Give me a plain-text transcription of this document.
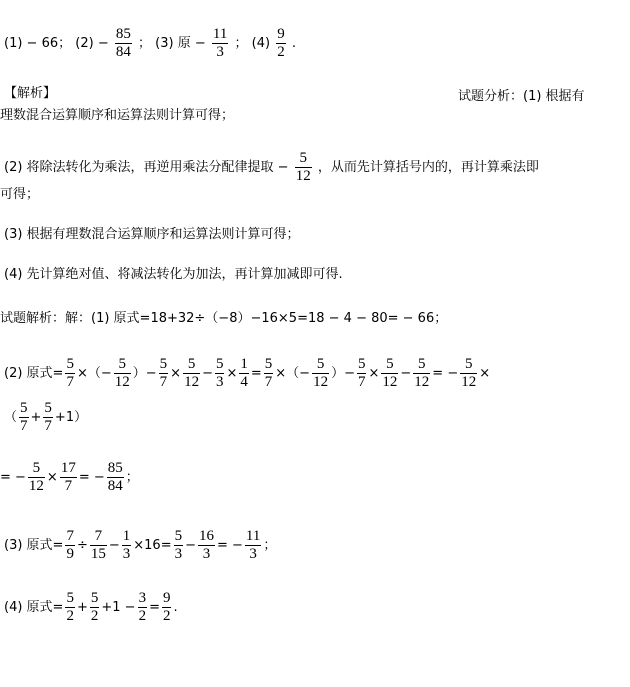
(1) − 66； $(2) - \frac{85}{84}$ ； (3) 原 − $\frac{11}{3}$ ； $(4) \frac{9}{2}$ .
【解析】	试题分析：(1) 根据有
理数混合运算顺序和运算法则计算可得；
(2) 将除法转化为乘法，再逆用乘法分配律提取 − $\frac{5}{12}$ ，从而先计算括号内的，再计算乘法即
可得；
(3) 根据有理数混合运算顺序和运算法则计算可得；
(4) 先计算绝对值、将减法转化为加法，再计算加减即可得.
试题解析：解：(1) 原式=18+32÷（−8）−16×5=18 − 4 − 80= − 66；
(2) 原式= $\frac{5}{7}$ ×（− $\frac{5}{12}$ ）− $\frac{5}{7} \times \frac{5}{12} - \frac{5}{3} \times \frac{1}{4} = \frac{5}{7}$ ×（− $\frac{5}{12}$ ）− $\frac{5}{7} \times \frac{5}{12} - \frac{5}{12}$ = − $\frac{5}{12}$ ×
（ $\frac{5}{7} + \frac{5}{7} +1$）
= − $\frac{5}{12} \times \frac{17}{7}$ = − $\frac{85}{84}$ ；
(3) 原式= $\frac{7}{9} \div \frac{7}{15} - \frac{1}{3} \times 16= \frac{5}{3} - \frac{16}{3}$ = − $\frac{11}{3}$ ；
(4) 原式= $\frac{5}{2} + \frac{5}{2} +1 - \frac{3}{2} = \frac{9}{2}$ .
